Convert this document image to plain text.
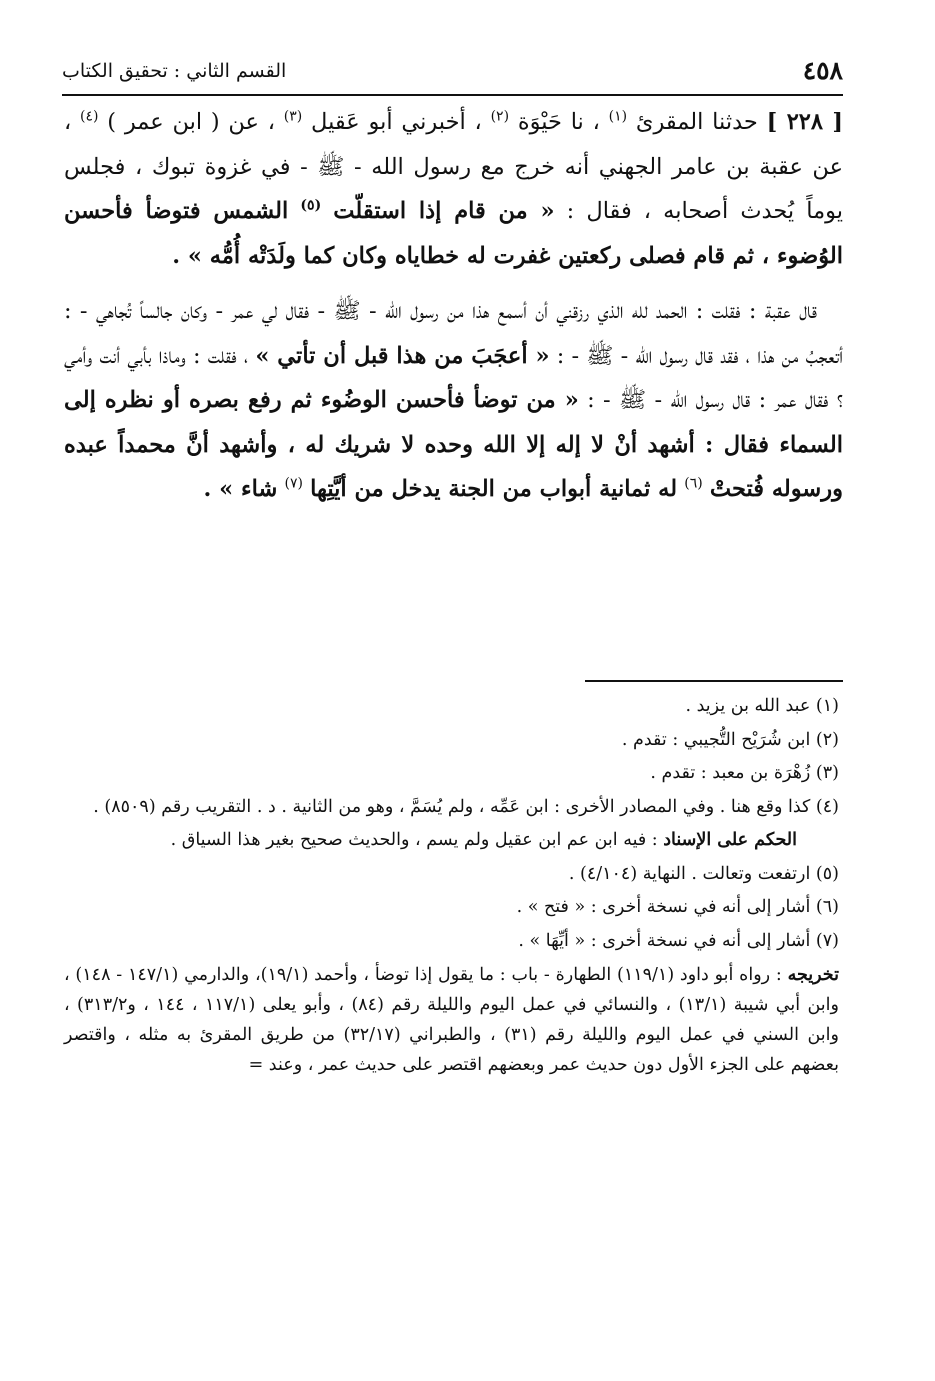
٤٥٨
القسم الثاني : تحقيق الكتاب

[ ٢٢٨ ] حدثنا المقرئ $^{(١)}$ ، نا حَيْوَة $^{(٢)}$ ، أخبرني أبو عَقيل $^{(٣)}$ ، عن ( ابن عمر ) $^{(٤)}$ ، عن عقبة بن عامر الجهني أنه خرج مع رسول الله - ﷺ - في غزوة تبوك ، فجلس يوماً يُحدث أصحابه ، فقال : « من قام إذا استقلّت $^{(٥)}$ الشمس فتوضأ فأحسن الوُضوء ، ثم قام فصلى ركعتين غفرت له خطاياه وكان كما ولَدَتْه أُمُّه » .

قال عقبة : فقلت : الحمد لله الذي رزقني أن أسمع هذا من رسول الله - ﷺ - فقال لي عمر - وكان جالساً تُجاهي - : أتعجبُ من هذا ، فقد قال رسول الله - ﷺ - : « أعجَبَ من هذا قبل أن تأتي » ، فقلت : وماذا بأبي أنت وأمي ؟ فقال عمر : قال رسول الله - ﷺ - : « من توضأ فأحسن الوضُوء ثم رفع بصره أو نظره إلى السماء فقال : أشهد أنْ لا إله إلا الله وحده لا شريك له ، وأشهد أنَّ محمداً عبده ورسوله فُتحتْ $^{(٦)}$ له ثمانية أبواب من الجنة يدخل من أيَّتِها $^{(٧)}$ شاء » .

(١) عبد الله بن يزيد .

(٢) ابن شُرَيْح التُّجيبي : تقدم .

(٣) زُهْرَة بن معبد : تقدم .

(٤) كذا وقع هنا . وفي المصادر الأخرى : ابن عَمِّه ، ولم يُسَمَّ ، وهو من الثانية . د . التقريب رقم (٨٥٠٩) .

الحكم على الإسناد : فيه ابن عم ابن عقيل ولم يسم ، والحديث صحيح بغير هذا السياق .

(٥) ارتفعت وتعالت . النهاية (٤/١٠٤) .

(٦) أشار إلى أنه في نسخة أخرى : « فتح » .

(٧) أشار إلى أنه في نسخة أخرى : « أيِّهَا » .

تخريجه : رواه أبو داود (١١٩/١) الطهارة - باب : ما يقول إذا توضأ ، وأحمد (١٩/١)، والدارمي (١٤٧/١ - ١٤٨) ، وابن أبي شيبة (١٣/١) ، والنسائي في عمل اليوم والليلة رقم (٨٤) ، وأبو يعلى (١١٧/١ ، ١٤٤ ، و٣١٣/٢) ، وابن السني في عمل اليوم والليلة رقم (٣١) ، والطبراني (٣٢/١٧) من طريق المقرئ به مثله ، واقتصر بعضهم على الجزء الأول دون حديث عمر وبعضهم اقتصر على حديث عمر ، وعند =
